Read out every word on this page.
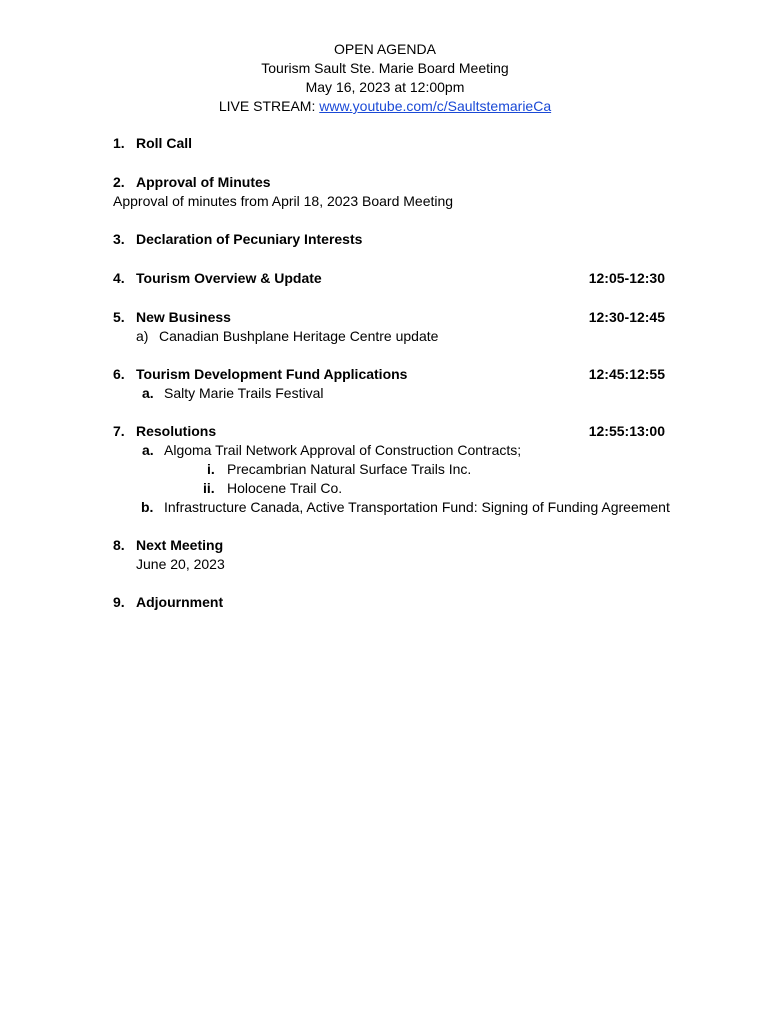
OPEN AGENDA
Tourism Sault Ste. Marie Board Meeting
May 16, 2023 at 12:00pm
LIVE STREAM: www.youtube.com/c/SaultstemarieCa
1. Roll Call
2. Approval of Minutes
Approval of minutes from April 18, 2023 Board Meeting
3. Declaration of Pecuniary Interests
4. Tourism Overview & Update	12:05-12:30
5. New Business	12:30-12:45
a) Canadian Bushplane Heritage Centre update
6. Tourism Development Fund Applications	12:45:12:55
a. Salty Marie Trails Festival
7. Resolutions	12:55:13:00
a. Algoma Trail Network Approval of Construction Contracts;
i. Precambrian Natural Surface Trails Inc.
ii. Holocene Trail Co.
b. Infrastructure Canada, Active Transportation Fund: Signing of Funding Agreement
8. Next Meeting
June 20, 2023
9. Adjournment
